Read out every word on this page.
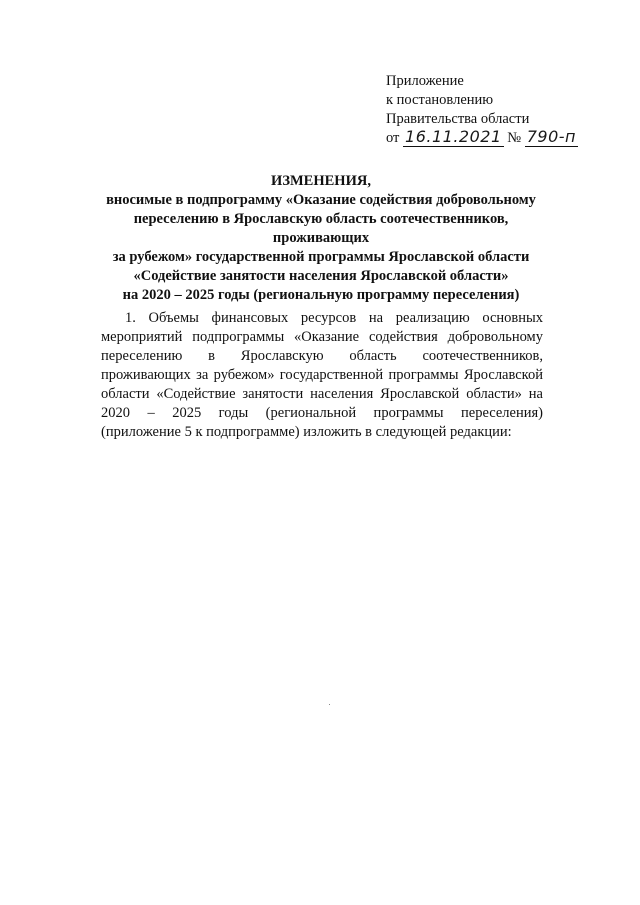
Приложение
к постановлению
Правительства области
от 16.11.2021 № 790-п
ИЗМЕНЕНИЯ,
вносимые в подпрограмму «Оказание содействия добровольному
переселению в Ярославскую область соотечественников, проживающих
за рубежом» государственной программы Ярославской области
«Содействие занятости населения Ярославской области»
на 2020 – 2025 годы (региональную программу переселения)

1. Объемы финансовых ресурсов на реализацию основных мероприятий подпрограммы «Оказание содействия добровольному переселению в Ярославскую область соотечественников, проживающих за рубежом» государственной программы Ярославской области «Содействие занятости населения Ярославской области» на 2020 – 2025 годы (региональной программы переселения) (приложение 5 к подпрограмме) изложить в следующей редакции:
